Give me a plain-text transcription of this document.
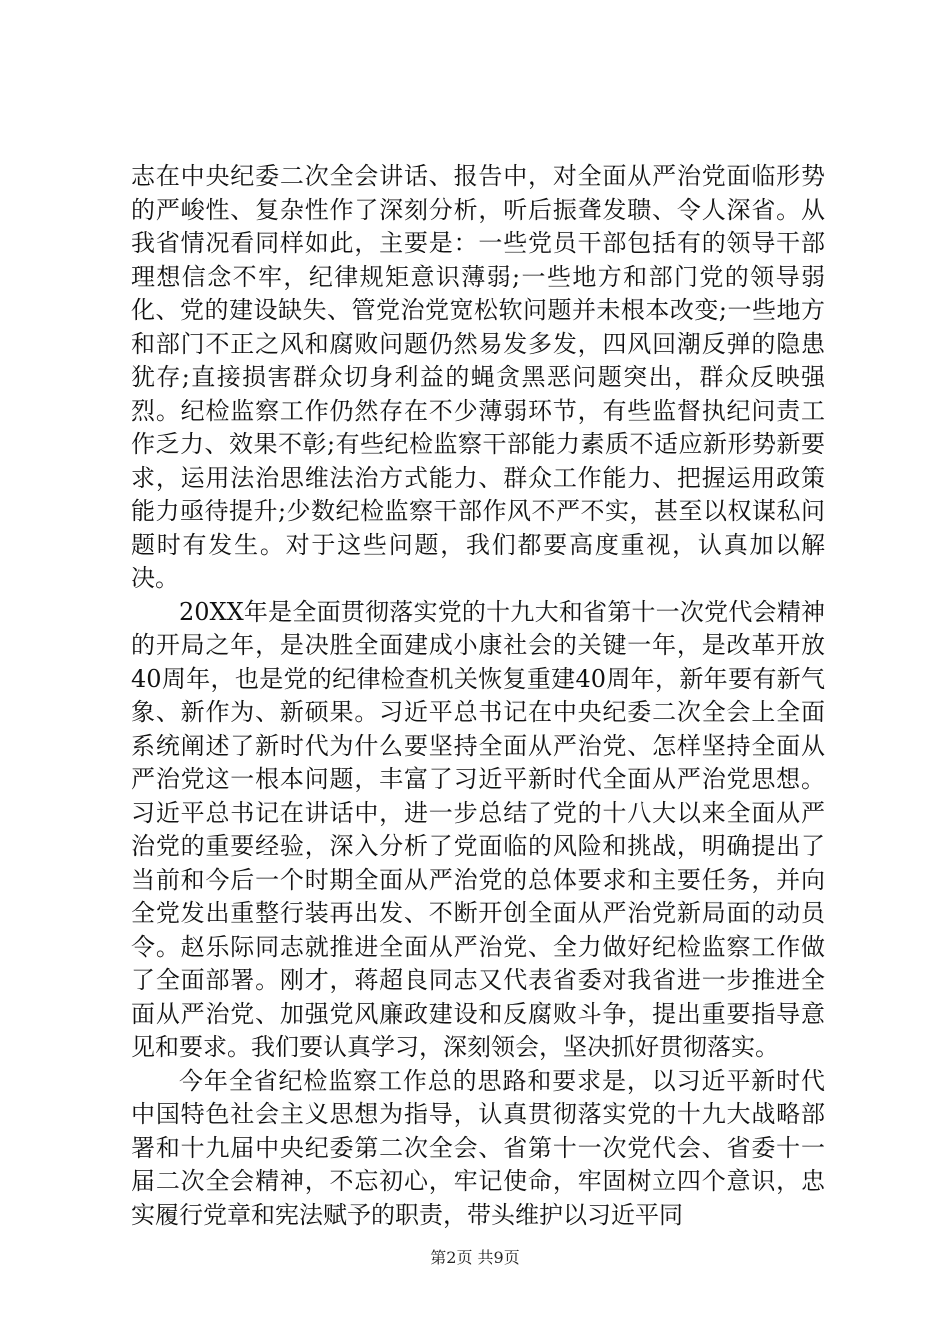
志在中央纪委二次全会讲话、报告中，对全面从严治党面临形势的严峻性、复杂性作了深刻分析，听后振聋发聩、令人深省。从我省情况看同样如此，主要是：一些党员干部包括有的领导干部理想信念不牢，纪律规矩意识薄弱;一些地方和部门党的领导弱化、党的建设缺失、管党治党宽松软问题并未根本改变;一些地方和部门不正之风和腐败问题仍然易发多发，四风回潮反弹的隐患犹存;直接损害群众切身利益的蝇贪黑恶问题突出，群众反映强烈。纪检监察工作仍然存在不少薄弱环节，有些监督执纪问责工作乏力、效果不彰;有些纪检监察干部能力素质不适应新形势新要求，运用法治思维法治方式能力、群众工作能力、把握运用政策能力亟待提升;少数纪检监察干部作风不严不实，甚至以权谋私问题时有发生。对于这些问题，我们都要高度重视，认真加以解决。

20XX年是全面贯彻落实党的十九大和省第十一次党代会精神的开局之年，是决胜全面建成小康社会的关键一年，是改革开放40周年，也是党的纪律检查机关恢复重建40周年，新年要有新气象、新作为、新硕果。习近平总书记在中央纪委二次全会上全面系统阐述了新时代为什么要坚持全面从严治党、怎样坚持全面从严治党这一根本问题，丰富了习近平新时代全面从严治党思想。习近平总书记在讲话中，进一步总结了党的十八大以来全面从严治党的重要经验，深入分析了党面临的风险和挑战，明确提出了当前和今后一个时期全面从严治党的总体要求和主要任务，并向全党发出重整行装再出发、不断开创全面从严治党新局面的动员令。赵乐际同志就推进全面从严治党、全力做好纪检监察工作做了全面部署。刚才，蒋超良同志又代表省委对我省进一步推进全面从严治党、加强党风廉政建设和反腐败斗争，提出重要指导意见和要求。我们要认真学习，深刻领会，坚决抓好贯彻落实。

今年全省纪检监察工作总的思路和要求是，以习近平新时代中国特色社会主义思想为指导，认真贯彻落实党的十九大战略部署和十九届中央纪委第二次全会、省第十一次党代会、省委十一届二次全会精神，不忘初心，牢记使命，牢固树立四个意识，忠实履行党章和宪法赋予的职责，带头维护以习近平同

第2页 共9页
